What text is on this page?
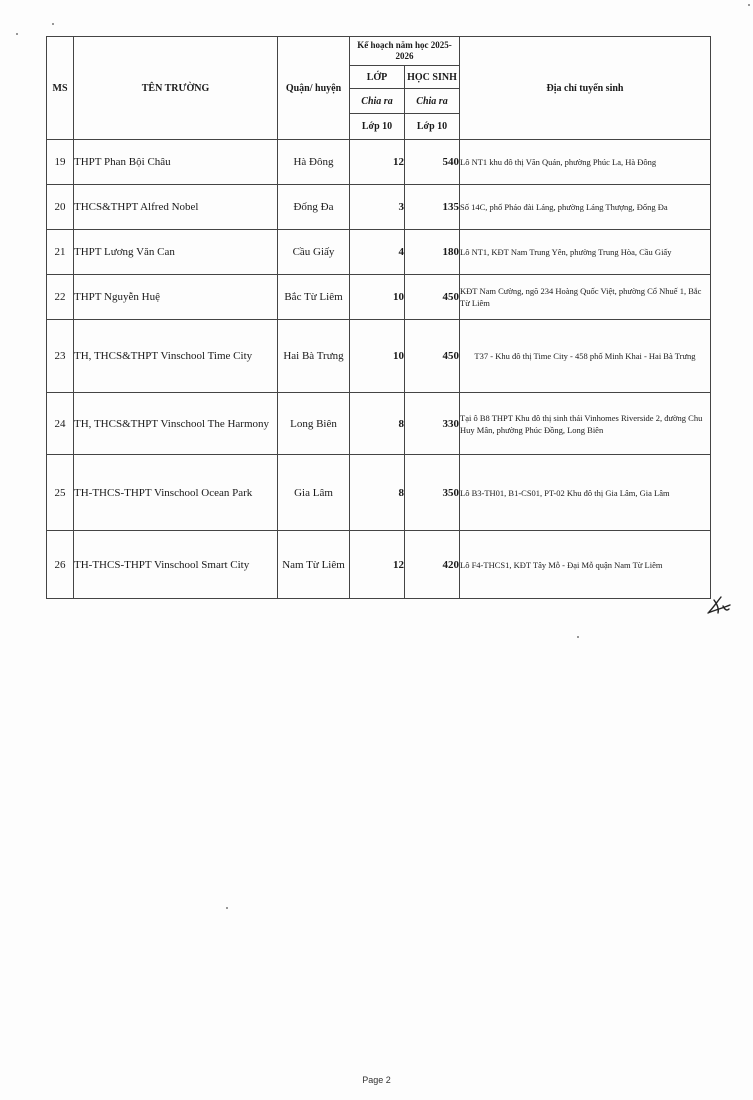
MS	TÊN TRƯỜNG	Quận/ huyện	Kế hoạch năm học 2025-2026		Địa chỉ tuyển sinh
			LỚP	HỌC SINH	
			Chia ra	Chia ra	
			Lớp 10	Lớp 10	
19	THPT Phan Bội Châu	Hà Đông	12	540	Lô NT1 khu đô thị Văn Quán, phường Phúc La, Hà Đông
20	THCS&THPT Alfred Nobel	Đống Đa	3	135	Số 14C, phố Pháo đài Láng, phường Láng Thượng, Đống Đa
21	THPT Lương Văn Can	Cầu Giấy	4	180	Lô NT1, KĐT Nam Trung Yên, phường Trung Hòa, Cầu Giấy
22	THPT Nguyễn Huệ	Bắc Từ Liêm	10	450	KĐT Nam Cường, ngõ 234 Hoàng Quốc Việt, phường Cổ Nhuế 1, Bắc Từ Liêm
23	TH, THCS&THPT Vinschool Time City	Hai Bà Trưng	10	450	T37 - Khu đô thị Time City - 458 phố Minh Khai - Hai Bà Trưng
24	TH, THCS&THPT Vinschool The Harmony	Long Biên	8	330	Tại ô B8 THPT Khu đô thị sinh thái Vinhomes Riverside 2, đường Chu Huy Mân, phường Phúc Đồng, Long Biên
25	TH-THCS-THPT Vinschool Ocean Park	Gia Lâm	8	350	Lô B3-TH01, B1-CS01, PT-02 Khu đô thị Gia Lâm, Gia Lâm
26	TH-THCS-THPT Vinschool Smart City	Nam Từ Liêm	12	420	Lô F4-THCS1, KĐT Tây Mỗ - Đại Mỗ quận Nam Từ Liêm
Page 2
